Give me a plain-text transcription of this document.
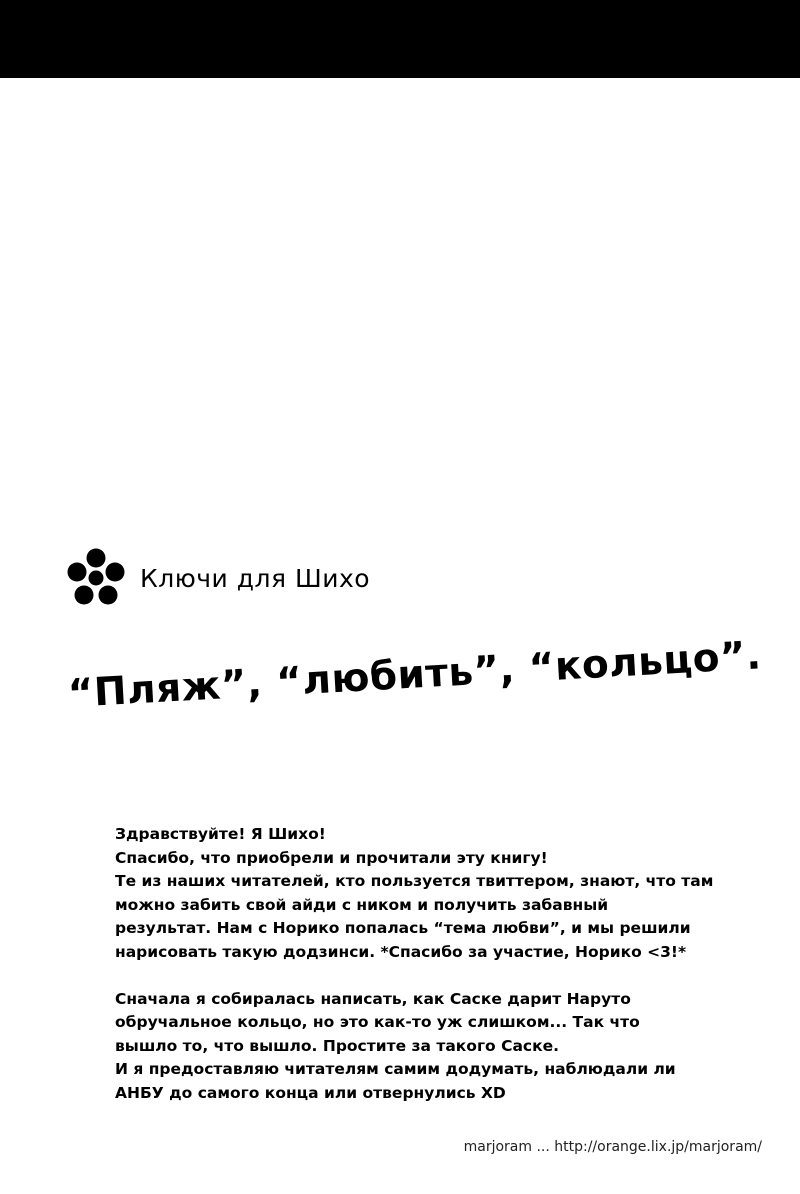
Ключи для Шихо
“Пляж”, “любить”, “кольцо”.
Здравствуйте! Я Шихо!
Спасибо, что приобрели и прочитали эту книгу!
Те из наших читателей, кто пользуется твиттером, знают, что там
можно забить свой айди с ником и получить забавный
результат. Нам с Норико попалась “тема любви”, и мы решили
нарисовать такую додзинси. *Спасибо за участие, Норико <3!*
Сначала я собиралась написать, как Саске дарит Наруто
обручальное кольцо, но это как-то уж слишком... Так что
вышло то, что вышло. Простите за такого Саске.
И я предоставляю читателям самим додумать, наблюдали ли
АНБУ до самого конца или отвернулись XD
marjoram ... http://orange.lix.jp/marjoram/
